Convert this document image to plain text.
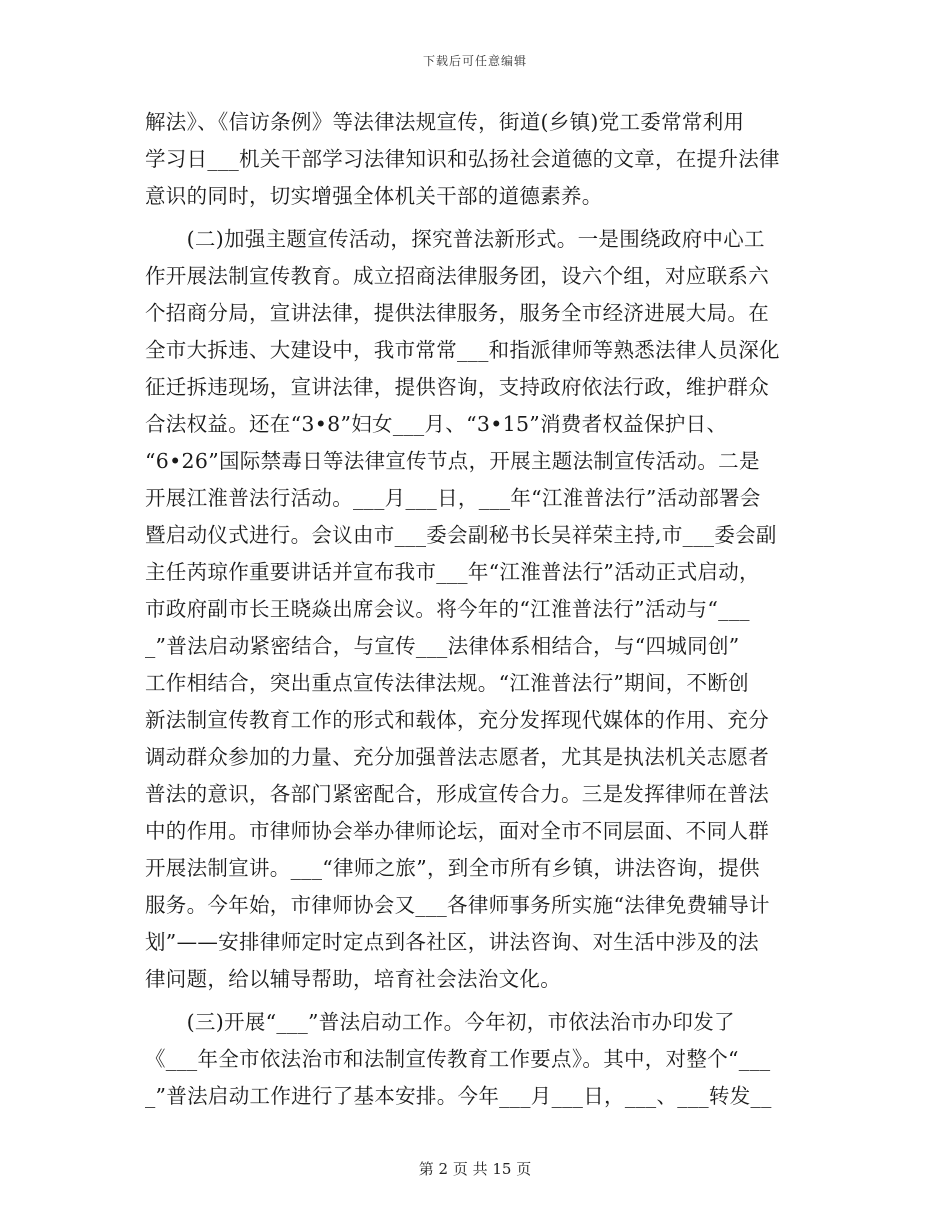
下载后可任意编辑
解法》、《信访条例》等法律法规宣传，街道(乡镇)党工委常常利用
学习日___机关干部学习法律知识和弘扬社会道德的文章，在提升法律
意识的同时，切实增强全体机关干部的道德素养。
　　(二)加强主题宣传活动，探究普法新形式。一是围绕政府中心工
作开展法制宣传教育。成立招商法律服务团，设六个组，对应联系六
个招商分局，宣讲法律，提供法律服务，服务全市经济进展大局。在
全市大拆违、大建设中，我市常常___和指派律师等熟悉法律人员深化
征迁拆违现场，宣讲法律，提供咨询，支持政府依法行政，维护群众
合法权益。还在“3•8”妇女___月、“3•15”消费者权益保护日、
“6•26”国际禁毒日等法律宣传节点，开展主题法制宣传活动。二是
开展江淮普法行活动。___月___日，___年“江淮普法行”活动部署会
暨启动仪式进行。会议由市___委会副秘书长吴祥荣主持,市___委会副
主任芮琼作重要讲话并宣布我市___年“江淮普法行”活动正式启动，
市政府副市长王晓焱出席会议。将今年的“江淮普法行”活动与“___
_”普法启动紧密结合，与宣传___法律体系相结合，与“四城同创”
工作相结合，突出重点宣传法律法规。“江淮普法行”期间，不断创
新法制宣传教育工作的形式和载体，充分发挥现代媒体的作用、充分
调动群众参加的力量、充分加强普法志愿者，尤其是执法机关志愿者
普法的意识，各部门紧密配合，形成宣传合力。三是发挥律师在普法
中的作用。市律师协会举办律师论坛，面对全市不同层面、不同人群
开展法制宣讲。___“律师之旅”，到全市所有乡镇，讲法咨询，提供
服务。今年始，市律师协会又___各律师事务所实施“法律免费辅导计
划”——安排律师定时定点到各社区，讲法咨询、对生活中涉及的法
律问题，给以辅导帮助，培育社会法治文化。
　　(三)开展“___”普法启动工作。今年初，市依法治市办印发了
《___年全市依法治市和法制宣传教育工作要点》。其中，对整个“___
_”普法启动工作进行了基本安排。今年___月___日，___、___转发__
第 2 页 共 15 页
